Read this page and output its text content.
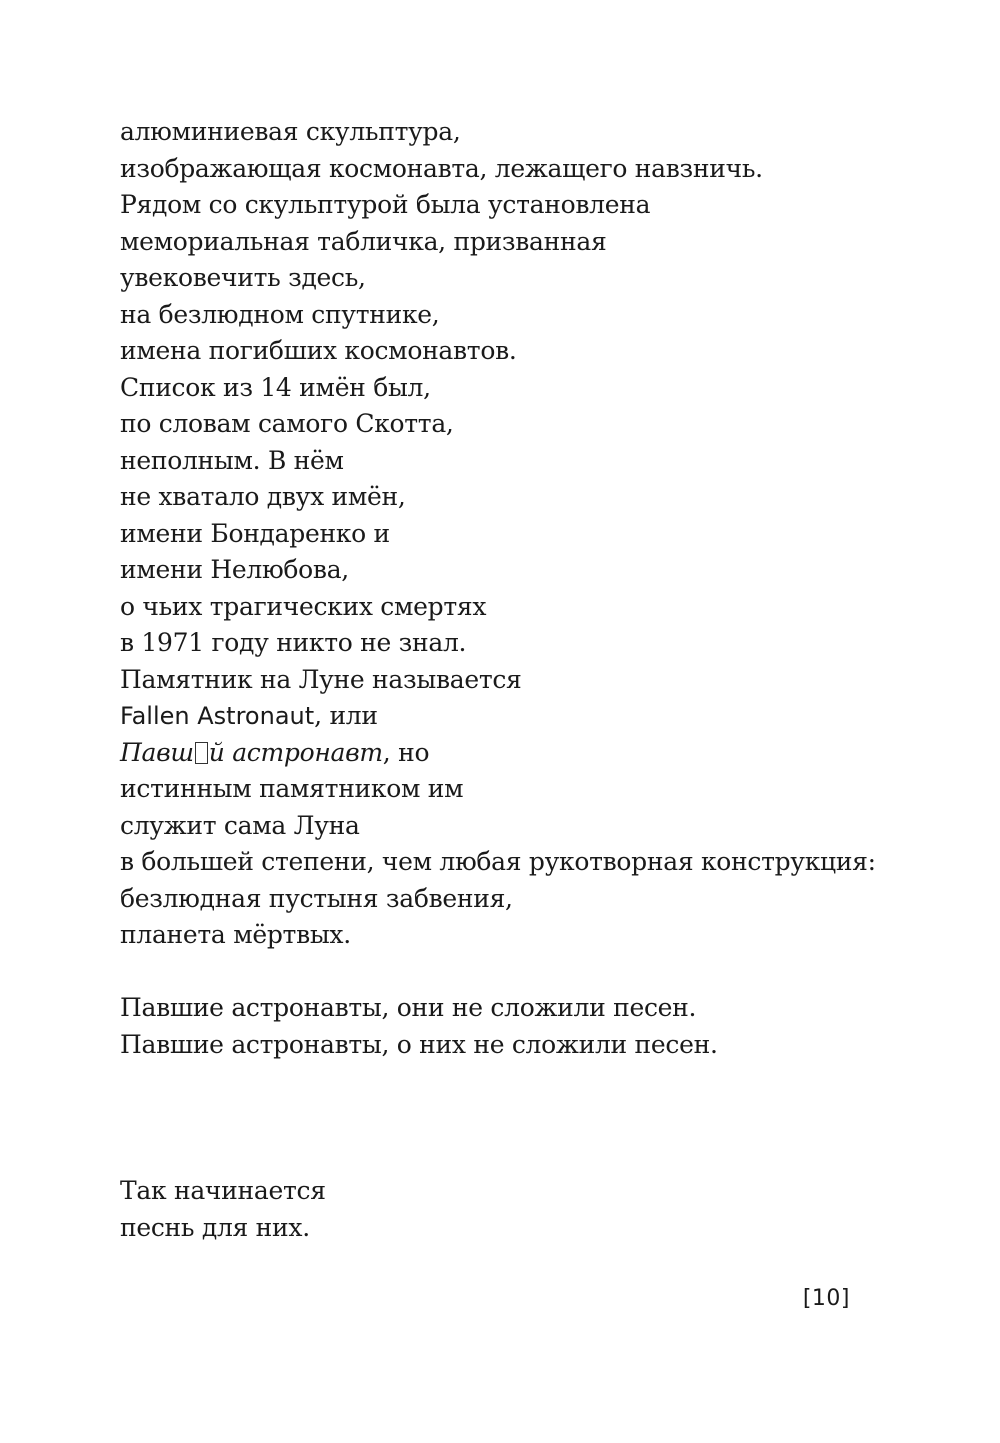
алюминиевая скульптура,
изображающая космонавта, лежащего навзничь.
Рядом со скульптурой была установлена
мемориальная табличка, призванная
увековечить здесь,
на безлюдном спутнике,
имена погибших космонавтов.
Список из 14 имён был,
по словам самого Скотта,
неполным. В нём
не хватало двух имён,
имени Бондаренко и
имени Нелюбова,
о чьих трагических смертях
в 1971 году никто не знал.
Памятник на Луне называется
Fallen Astronaut, или
Павш й астронавт, но
истинным памятником им
служит сама Луна
в большей степени, чем любая рукотворная конструкция:
безлюдная пустыня забвения,
планета мёртвых.
Павшие астронавты, они не сложили песен.
Павшие астронавты, о них не сложили песен.
Так начинается
песнь для них.
[10]
